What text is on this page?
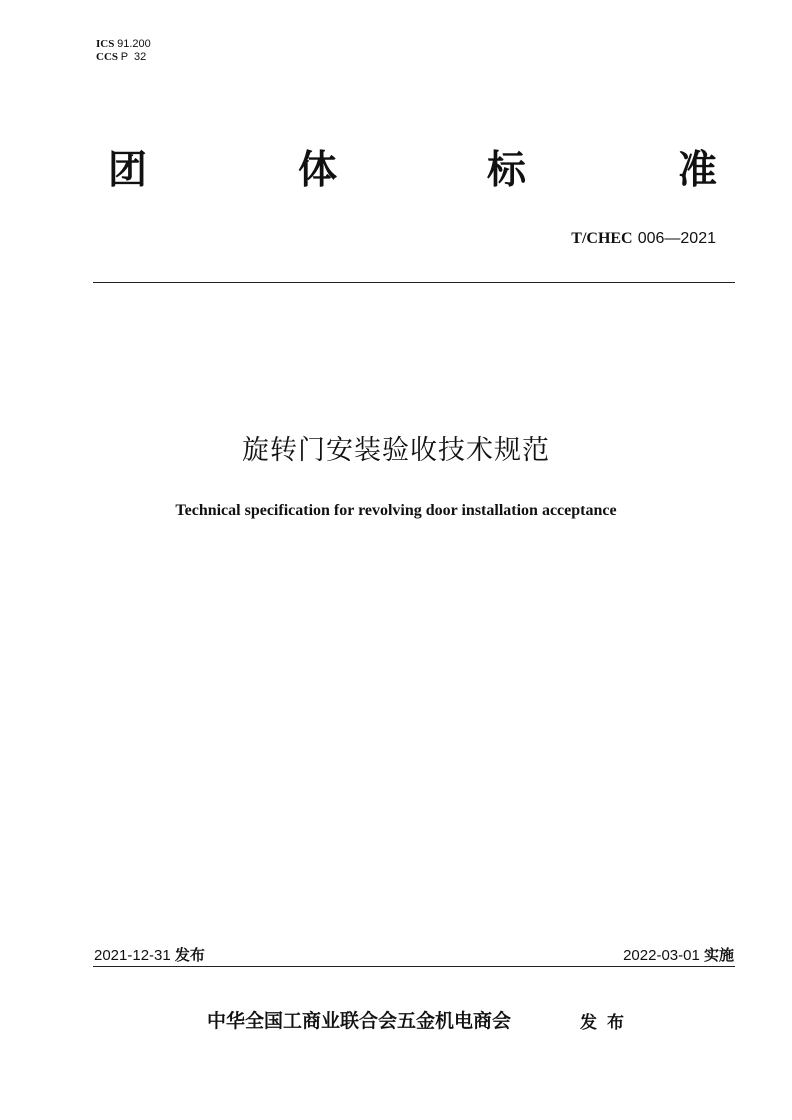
ICS 91.200
CCS P  32
团	体	标	准
T/CHEC 006—2021
旋转门安装验收技术规范
Technical specification for revolving door installation acceptance
2021-12-31 发布	2022-03-01 实施
中华全国工商业联合会五金机电商会	发布
